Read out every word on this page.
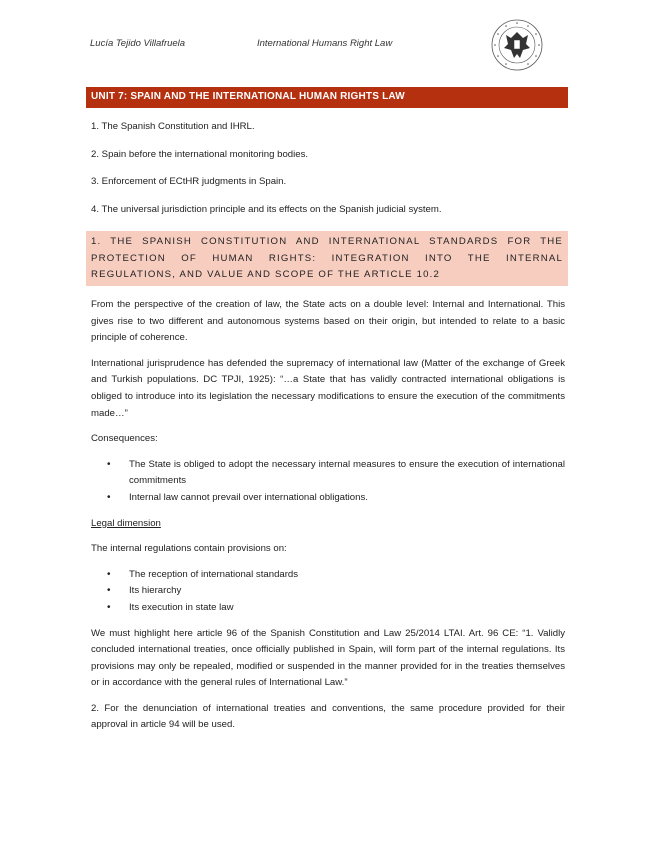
Lucía Tejido Villafruela	International Humans Right Law
UNIT 7: SPAIN AND THE INTERNATIONAL HUMAN RIGHTS LAW

1. The Spanish Constitution and IHRL.

2. Spain before the international monitoring bodies.

3. Enforcement of ECtHR judgments in Spain.

4. The universal jurisdiction principle and its effects on the Spanish judicial system.

1. THE SPANISH CONSTITUTION AND INTERNATIONAL STANDARDS FOR THE PROTECTION OF HUMAN RIGHTS: INTEGRATION INTO THE INTERNAL REGULATIONS, AND VALUE AND SCOPE OF THE ARTICLE 10.2

From the perspective of the creation of law, the State acts on a double level: Internal and International. This gives rise to two different and autonomous systems based on their origin, but intended to relate to a basic principle of coherence.

International jurisprudence has defended the supremacy of international law (Matter of the exchange of Greek and Turkish populations. DC TPJI, 1925): “…a State that has validly contracted international obligations is obliged to introduce into its legislation the necessary modifications to ensure the execution of the commitments made…”

Consequences:

• The State is obliged to adopt the necessary internal measures to ensure the execution of international commitments
• Internal law cannot prevail over international obligations.

Legal dimension

The internal regulations contain provisions on:

• The reception of international standards
• Its hierarchy
• Its execution in state law

We must highlight here article 96 of the Spanish Constitution and Law 25/2014 LTAI. Art. 96 CE: “1. Validly concluded international treaties, once officially published in Spain, will form part of the internal regulations. Its provisions may only be repealed, modified or suspended in the manner provided for in the treaties themselves or in accordance with the general rules of International Law.”

2. For the denunciation of international treaties and conventions, the same procedure provided for their approval in article 94 will be used.
